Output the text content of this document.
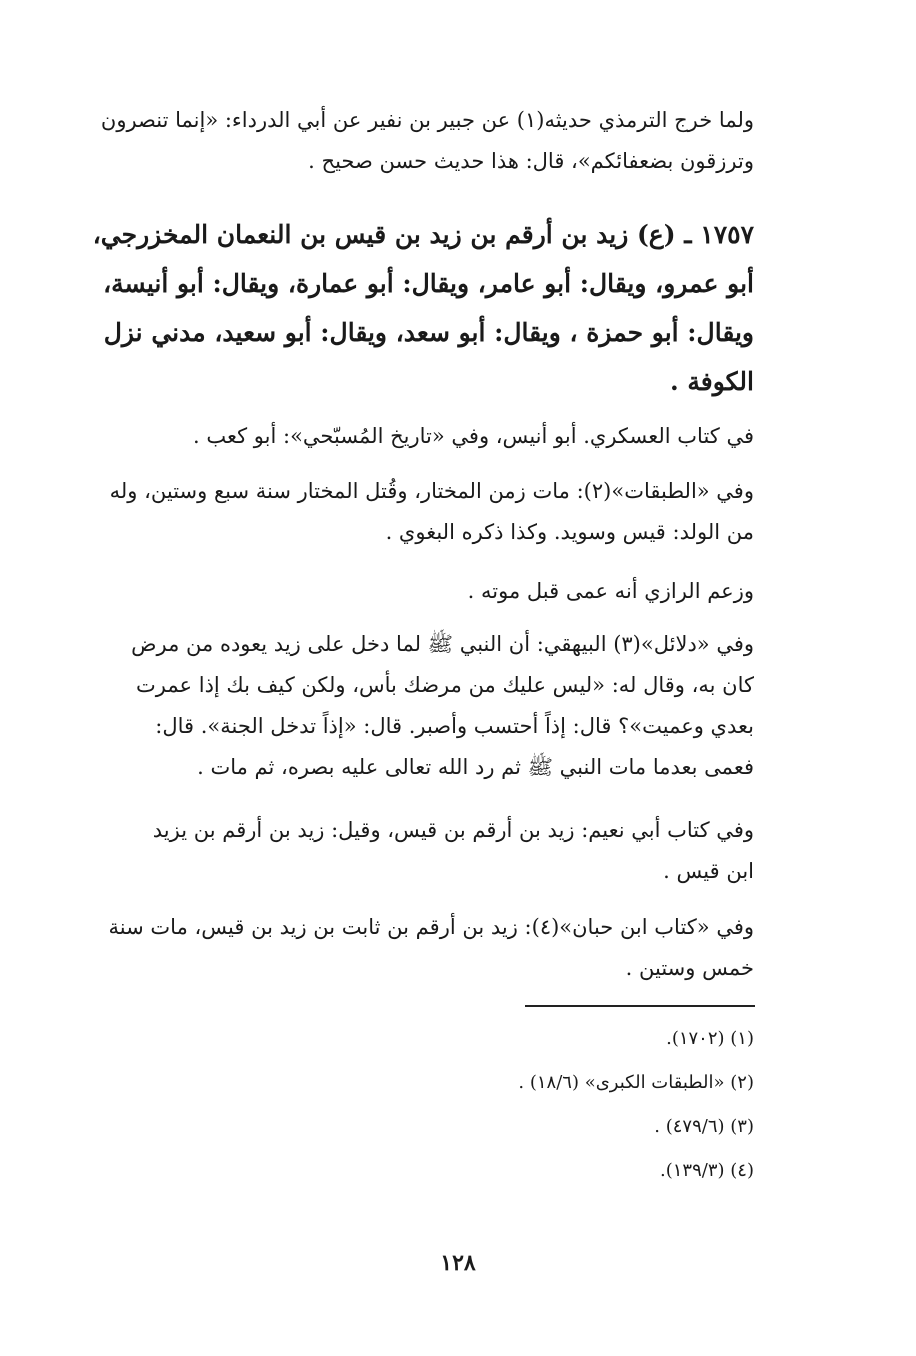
ولما خرج الترمذي حديثه(١) عن جبير بن نفير عن أبي الدرداء: «إنما تنصرون
وترزقون بضعفائكم»، قال: هذا حديث حسن صحيح .
١٧٥٧ ـ (ع) زيد بن أرقم بن زيد بن قيس بن النعمان المخزرجي،
أبو عمرو، ويقال: أبو عامر، ويقال: أبو عمارة، ويقال: أبو أنيسة،
ويقال: أبو حمزة ، ويقال: أبو سعد، ويقال: أبو سعيد، مدني نزل
الكوفة .
في كتاب العسكري. أبو أنيس، وفي «تاريخ المُسبّحي»: أبو كعب .
وفي «الطبقات»(٢): مات زمن المختار، وقُتل المختار سنة سبع وستين، وله
من الولد: قيس وسويد. وكذا ذكره البغوي .
وزعم الرازي أنه عمى قبل موته .
وفي «دلائل»(٣) البيهقي: أن النبي ﷺ لما دخل على زيد يعوده من مرض
كان به، وقال له: «ليس عليك من مرضك بأس، ولكن كيف بك إذا عمرت
بعدي وعميت»؟ قال: إذاً أحتسب وأصبر. قال: «إذاً تدخل الجنة». قال:
فعمى بعدما مات النبي ﷺ ثم رد الله تعالى عليه بصره، ثم مات .
وفي كتاب أبي نعيم: زيد بن أرقم بن قيس، وقيل: زيد بن أرقم بن يزيد
ابن قيس .
وفي «كتاب ابن حبان»(٤): زيد بن أرقم بن ثابت بن زيد بن قيس، مات سنة
خمس وستين .
(١) (١٧٠٢).
(٢) «الطبقات الكبرى» (١٨/٦) .
(٣) (٤٧٩/٦) .
(٤) (١٣٩/٣).
١٢٨
